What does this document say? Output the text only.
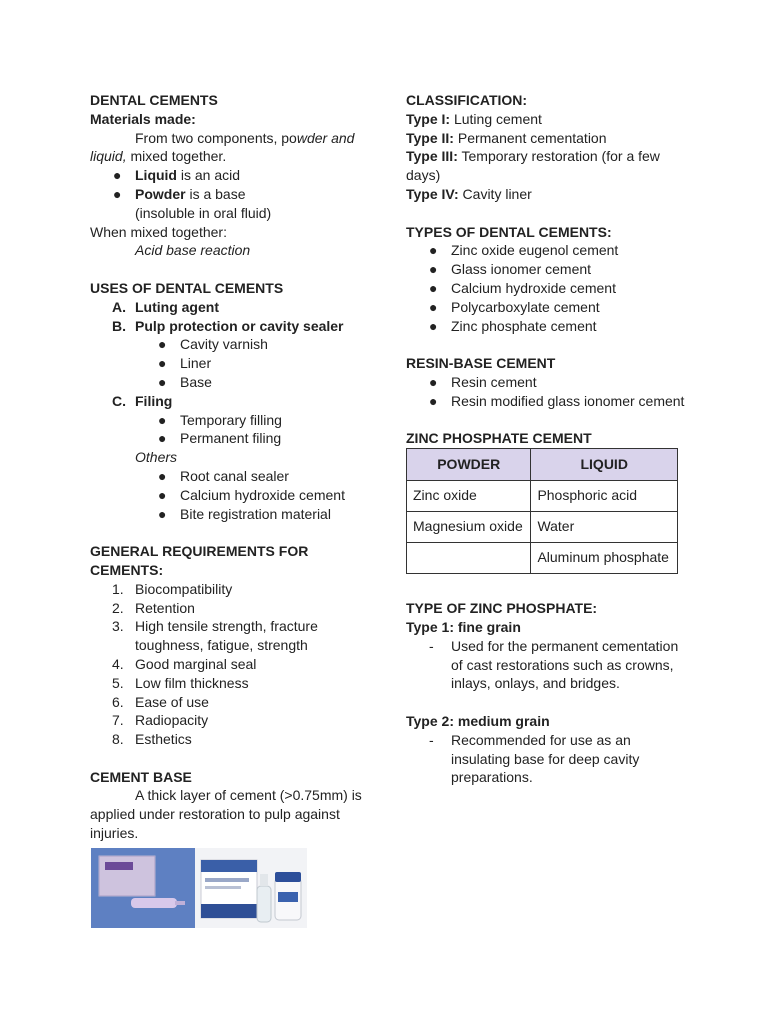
DENTAL CEMENTS
Materials made:
From two components, powder and liquid, mixed together.
● Liquid is an acid
● Powder is a base
(insoluble in oral fluid)
When mixed together:
Acid base reaction
USES OF DENTAL CEMENTS
A. Luting agent
B. Pulp protection or cavity sealer
● Cavity varnish
● Liner
● Base
C. Filing
● Temporary filling
● Permanent filing
Others
● Root canal sealer
● Calcium hydroxide cement
● Bite registration material
GENERAL REQUIREMENTS FOR CEMENTS:
1. Biocompatibility
2. Retention
3. High tensile strength, fracture toughness, fatigue, strength
4. Good marginal seal
5. Low film thickness
6. Ease of use
7. Radiopacity
8. Esthetics
CEMENT BASE
A thick layer of cement (>0.75mm) is applied under restoration to pulp against injuries.
CLASSIFICATION:
Type I: Luting cement
Type II: Permanent cementation
Type III: Temporary restoration (for a few days)
Type IV: Cavity liner
TYPES OF DENTAL CEMENTS:
● Zinc oxide eugenol cement
● Glass ionomer cement
● Calcium hydroxide cement
● Polycarboxylate cement
● Zinc phosphate cement
RESIN-BASE CEMENT
● Resin cement
● Resin modified glass ionomer cement
ZINC PHOSPHATE CEMENT
POWDER	LIQUID
Zinc oxide	Phosphoric acid
Magnesium oxide	Water
	Aluminum phosphate
TYPE OF ZINC PHOSPHATE:
Type 1: fine grain
- Used for the permanent cementation of cast restorations such as crowns, inlays, onlays, and bridges.
Type 2: medium grain
- Recommended for use as an insulating base for deep cavity preparations.
